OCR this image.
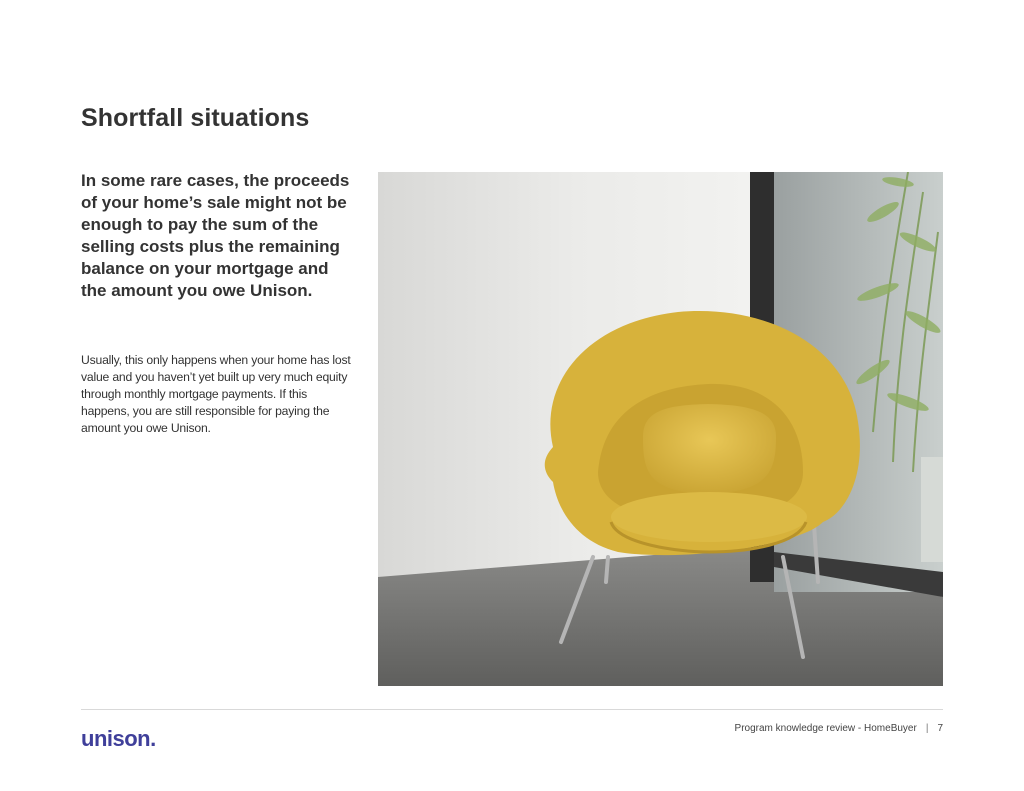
Shortfall situations

In some rare cases, the proceeds of your home’s sale might not be enough to pay the sum of the selling costs plus the remaining balance on your mortgage and the amount you owe Unison.

Usually, this only happens when your home has lost value and you haven’t yet built up very much equity through monthly mortgage payments. If this happens, you are still responsible for paying the amount you owe Unison.

unison.	Program knowledge review - HomeBuyer | 7
